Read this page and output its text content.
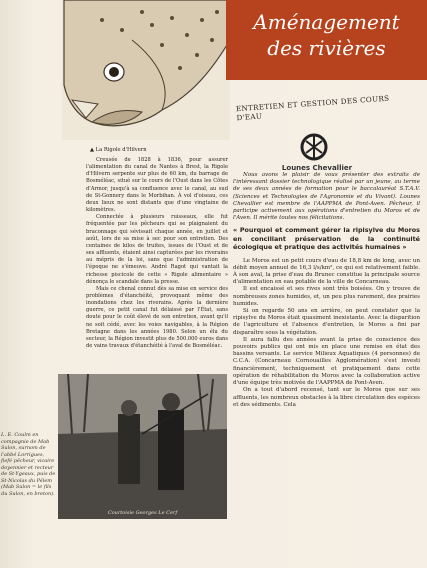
Aménagement
des rivières
ENTRETIEN ET GESTION DES COURS D'EAU
Lounes Chevallier
▲ La Rigole d'Hilvern

Creusée de 1828 à 1836, pour assurer l'alimentation du canal de Nantes à Brest, la Rigole d'Hilvern serpente sur plus de 60 km, du barrage de Bosméléac, situé sur le cours de l'Oust dans les Côtes d'Armor, jusqu'à sa confluence avec le canal, au sud de St-Gonnery dans le Morbihan. À vol d'oiseau, ces deux lieux ne sont distants que d'une vingtaine de kilomètres.

Connectée à plusieurs ruisseaux, elle fut fréquentée par les pêcheurs qui se plaignaient du braconnage qui sévissait chaque année, en juillet et août, lors de sa mise à sec pour son entretien. Des centaines de kilos de truites, issues de l'Oust et de ses affluents, étaient ainsi capturées par les riverains au mépris de la loi, sans que l'administration de l'époque ne s'émeuve. André Ragot qui vantait la richesse piscicole de cette « Rigole alimentaire » dénonça le scandale dans la presse.

Mais ce chenal connut dès sa mise en service des problèmes d'étanchéité, provoquant même des inondations chez les riverains. Après la dernière guerre, ce petit canal fut délaissé par l'État, sans doute pour le coût élevé de son entretien, avant qu'il ne soit cédé, avec les voies navigables, à la Région Bretagne dans les années 1980. Selon un élu du secteur, la Région investit plus de 500.000 euros dans de vains travaux d'étanchéité à l'aval de Bosméléac.

Nous avons le plaisir de vous présenter des extraits de l'intéressant dossier technologique réalisé par un jeune, au terme de ses deux années de formation pour le baccalauréat S.T.A.V. (Sciences et Technologies de l'Agronomie et du Vivant). Lounes Chevallier est membre de l'AAPPMA de Pont-Aven. Pêcheur, il participe activement aux opérations d'entretien du Moros et de l'Aven. Il mérite toutes nos félicitations.

« Pourquoi et comment gérer la ripisylve du Moros en conciliant préservation de la continuité écologique et pratique des activités humaines »

Le Moros est un petit cours d'eau de 18,8 km de long, avec un débit moyen annuel de 16,3 l/s/km², ce qui est relativement faible. À son aval, la prise d'eau du Brunec constitue la principale source d'alimentation en eau potable de la ville de Concarneau.

Il est encaissé et ses rives sont très boisées. On y trouve de nombreuses zones humides, et, un peu plus rarement, des prairies humides.

Si on regarde 50 ans en arrière, on peut constater que la ripisylve du Moros était quasiment inexistante. Avec la disparition de l'agriculture et l'absence d'entretien, le Moros a fini par disparaître sous la végétation.

Il aura fallu des années avant la prise de conscience des pouvoirs publics qui ont mis en place une remise en état des bassins versants. Le service Milieux Aquatiques (4 personnes) de C.C.A. (Concarneau Cornouailles Agglomération) s'est investi financièrement, techniquement et pratiquement dans cette opération de réhabilitation du Moros avec la collaboration active d'une équipe très motivée de l'AAPPMA de Pont-Aven.

On a tout d'abord recensé, tant sur le Moros que sur ses affluents, les nombreux obstacles à la libre circulation des espèces et des sédiments. Cela

Courtoisie Georges Le Cerf
L. E. Coulm en compagnie de Mab Sulon, surnom de l'abbé Lorrigues, fiefé pêcheur, vicaire doyennier et recteur de St-Ygeaux, puis de St-Nicolas du Pélem (Mab Sulon = le fils du Sulon, en breton).
